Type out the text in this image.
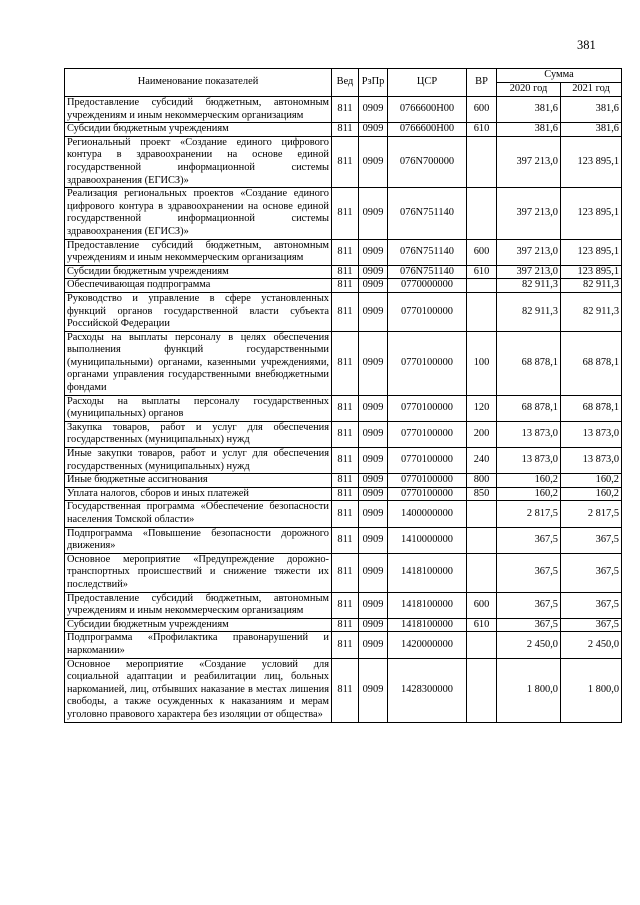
381
Наименование показателей	Вед	РзПр	ЦСР	ВР	Сумма	
					2020 год	2021 год
Предоставление субсидий бюджетным, автономным учреждениям и иным некоммерческим организациям	811	0909	0766600H00	600	381,6	381,6
Субсидии бюджетным учреждениям	811	0909	0766600H00	610	381,6	381,6
Региональный проект «Создание единого цифрового контура в здравоохранении на основе единой государственной информационной системы здравоохранения (ЕГИСЗ)»	811	0909	076N700000		397 213,0	123 895,1
Реализация региональных проектов «Создание единого цифрового контура в здравоохранении на основе единой государственной информационной системы здравоохранения (ЕГИСЗ)»	811	0909	076N751140		397 213,0	123 895,1
Предоставление субсидий бюджетным, автономным учреждениям и иным некоммерческим организациям	811	0909	076N751140	600	397 213,0	123 895,1
Субсидии бюджетным учреждениям	811	0909	076N751140	610	397 213,0	123 895,1
Обеспечивающая подпрограмма	811	0909	0770000000		82 911,3	82 911,3
Руководство и управление в сфере установленных функций органов государственной власти субъекта Российской Федерации	811	0909	0770100000		82 911,3	82 911,3
Расходы на выплаты персоналу в целях обеспечения выполнения функций государственными (муниципальными) органами, казенными учреждениями, органами управления государственными внебюджетными фондами	811	0909	0770100000	100	68 878,1	68 878,1
Расходы на выплаты персоналу государственных (муниципальных) органов	811	0909	0770100000	120	68 878,1	68 878,1
Закупка товаров, работ и услуг для обеспечения государственных (муниципальных) нужд	811	0909	0770100000	200	13 873,0	13 873,0
Иные закупки товаров, работ и услуг для обеспечения государственных (муниципальных) нужд	811	0909	0770100000	240	13 873,0	13 873,0
Иные бюджетные ассигнования	811	0909	0770100000	800	160,2	160,2
Уплата налогов, сборов и иных платежей	811	0909	0770100000	850	160,2	160,2
Государственная программа «Обеспечение безопасности населения Томской области»	811	0909	1400000000		2 817,5	2 817,5
Подпрограмма «Повышение безопасности дорожного движения»	811	0909	1410000000		367,5	367,5
Основное мероприятие «Предупреждение дорожно-транспортных происшествий и снижение тяжести их последствий»	811	0909	1418100000		367,5	367,5
Предоставление субсидий бюджетным, автономным учреждениям и иным некоммерческим организациям	811	0909	1418100000	600	367,5	367,5
Субсидии бюджетным учреждениям	811	0909	1418100000	610	367,5	367,5
Подпрограмма «Профилактика правонарушений и наркомании»	811	0909	1420000000		2 450,0	2 450,0
Основное мероприятие «Создание условий для социальной адаптации и реабилитации лиц, больных наркоманией, лиц, отбывших наказание в местах лишения свободы, а также осужденных к наказаниям и мерам уголовно правового характера без изоляции от общества»	811	0909	1428300000		1 800,0	1 800,0
